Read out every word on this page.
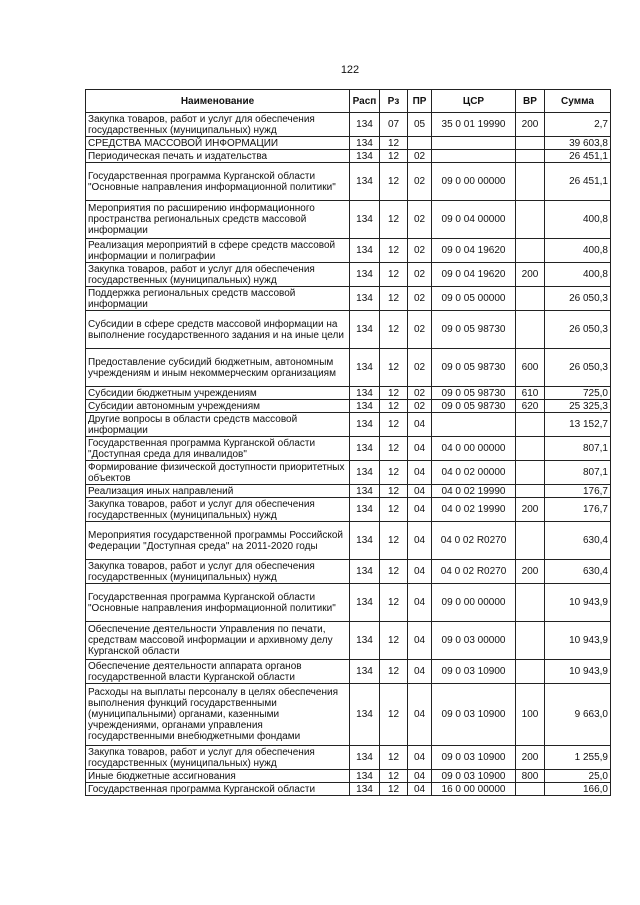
122
Наименование	Расп	Рз	ПР	ЦСР	ВР	Сумма
Закупка товаров, работ и услуг для обеспечения государственных (муниципальных) нужд	134	07	05	35 0 01 19990	200	2,7
СРЕДСТВА МАССОВОЙ ИНФОРМАЦИИ	134	12				39 603,8
Периодическая печать и издательства	134	12	02			26 451,1
Государственная программа Курганской области "Основные направления информационной политики"	134	12	02	09 0 00 00000		26 451,1
Мероприятия по расширению информационного пространства региональных средств массовой информации	134	12	02	09 0 04 00000		400,8
Реализация мероприятий в сфере средств массовой информации и полиграфии	134	12	02	09 0 04 19620		400,8
Закупка товаров, работ и услуг для обеспечения государственных (муниципальных) нужд	134	12	02	09 0 04 19620	200	400,8
Поддержка региональных средств массовой информации	134	12	02	09 0 05 00000		26 050,3
Субсидии в сфере средств массовой информации на выполнение государственного задания и на иные цели	134	12	02	09 0 05 98730		26 050,3
Предоставление субсидий бюджетным, автономным учреждениям и иным некоммерческим организациям	134	12	02	09 0 05 98730	600	26 050,3
Субсидии бюджетным учреждениям	134	12	02	09 0 05 98730	610	725,0
Субсидии автономным учреждениям	134	12	02	09 0 05 98730	620	25 325,3
Другие вопросы в области средств массовой информации	134	12	04			13 152,7
Государственная программа Курганской области "Доступная среда для инвалидов"	134	12	04	04 0 00 00000		807,1
Формирование физической доступности приоритетных объектов	134	12	04	04 0 02 00000		807,1
Реализация иных направлений	134	12	04	04 0 02 19990		176,7
Закупка товаров, работ и услуг для обеспечения государственных (муниципальных) нужд	134	12	04	04 0 02 19990	200	176,7
Мероприятия государственной программы Российской Федерации "Доступная среда" на 2011-2020 годы	134	12	04	04 0 02 R0270		630,4
Закупка товаров, работ и услуг для обеспечения государственных (муниципальных) нужд	134	12	04	04 0 02 R0270	200	630,4
Государственная программа Курганской области "Основные направления информационной политики"	134	12	04	09 0 00 00000		10 943,9
Обеспечение деятельности Управления по печати, средствам массовой информации и архивному делу Курганской области	134	12	04	09 0 03 00000		10 943,9
Обеспечение деятельности аппарата органов государственной власти Курганской области	134	12	04	09 0 03 10900		10 943,9
Расходы на выплаты персоналу в целях обеспечения выполнения функций государственными (муниципальными) органами, казенными учреждениями, органами управления государственными внебюджетными фондами	134	12	04	09 0 03 10900	100	9 663,0
Закупка товаров, работ и услуг для обеспечения государственных (муниципальных) нужд	134	12	04	09 0 03 10900	200	1 255,9
Иные бюджетные ассигнования	134	12	04	09 0 03 10900	800	25,0
Государственная программа Курганской области	134	12	04	16 0 00 00000		166,0
